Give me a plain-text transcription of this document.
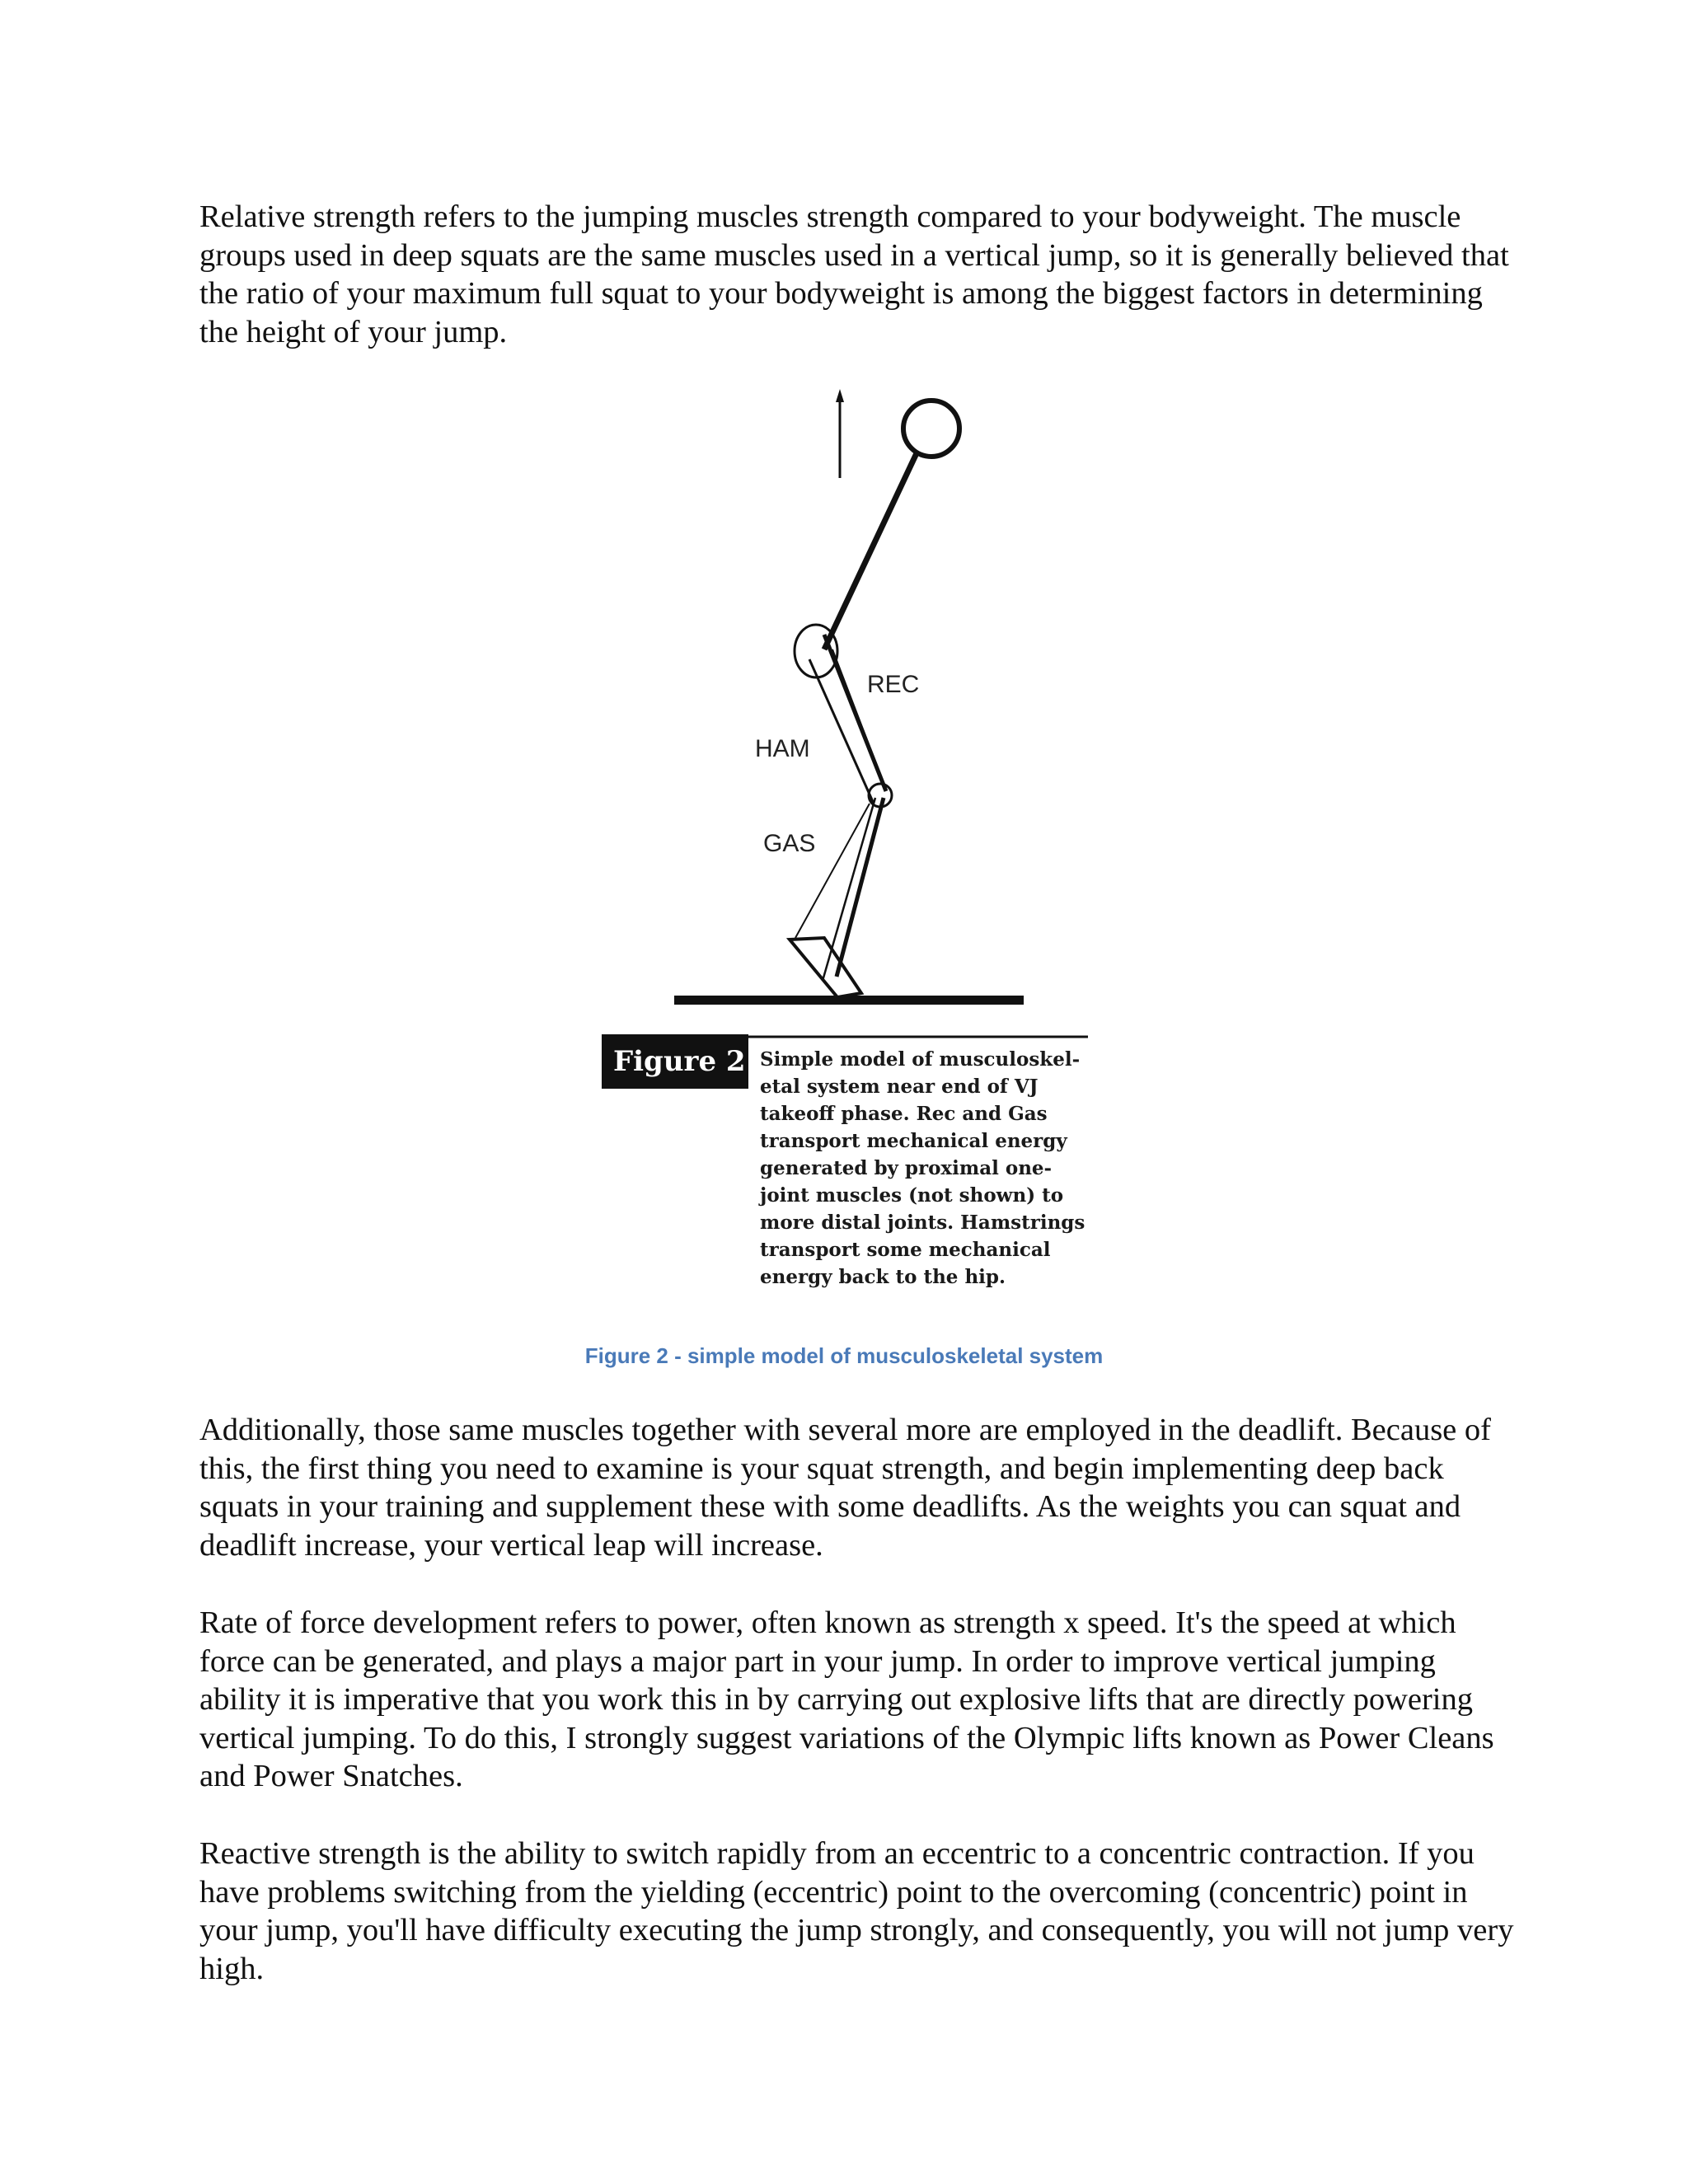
Relative strength refers to the jumping muscles strength compared to your bodyweight. The muscle groups used in deep squats are the same muscles used in a vertical jump, so it is generally believed that the ratio of your maximum full squat to your bodyweight is among the biggest factors in determining the height of your jump.

REC
HAM
GAS
Figure 2 Simple model of musculoskel-
etal system near end of VJ
takeoff phase. Rec and Gas
transport mechanical energy
generated by proximal one-
joint muscles (not shown) to
more distal joints. Hamstrings
transport some mechanical
energy back to the hip.
Figure 2 - simple model of musculoskeletal system

Additionally, those same muscles together with several more are employed in the deadlift. Because of this, the first thing you need to examine is your squat strength, and begin implementing deep back squats in your training and supplement these with some deadlifts. As the weights you can squat and deadlift increase, your vertical leap will increase.

Rate of force development refers to power, often known as strength x speed. It's the speed at which force can be generated, and plays a major part in your jump. In order to improve vertical jumping ability it is imperative that you work this in by carrying out explosive lifts that are directly powering vertical jumping. To do this, I strongly suggest variations of the Olympic lifts known as Power Cleans and Power Snatches.

Reactive strength is the ability to switch rapidly from an eccentric to a concentric contraction. If you have problems switching from the yielding (eccentric) point to the overcoming (concentric) point in your jump, you'll have difficulty executing the jump strongly, and consequently, you will not jump very high.
